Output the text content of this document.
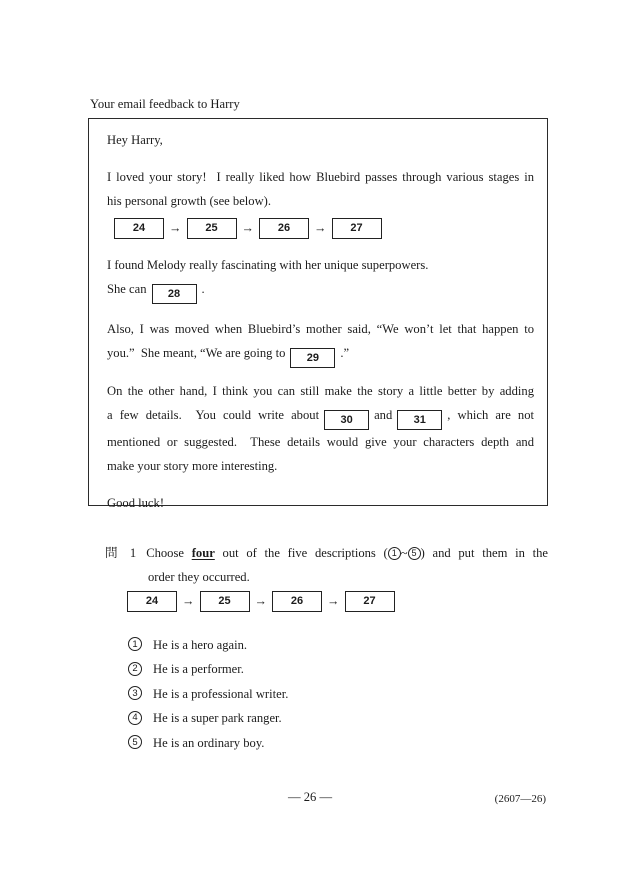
Your email feedback to Harry
Hey Harry,
I loved your story!  I really liked how Bluebird passes through various stages in
his personal growth (see below).
24	→	25	→	26	→	27
I found Melody really fascinating with her unique superpowers.
She can 28 .
Also, I was moved when Bluebird’s mother said, “We won’t let that happen to
you.”  She meant, “We are going to 29 .”
On the other hand, I think you can still make the story a little better by adding
a few details.  You could write about 30 and 31 , which are not
mentioned or suggested.  These details would give your characters depth and
make your story more interesting.
Good luck!
問 1 Choose four out of the five descriptions ( 1 ~ 5 ) and put them in the
order they occurred.
24	→	25	→	26	→	27
1	He is a hero again.
2	He is a performer.
3	He is a professional writer.
4	He is a super park ranger.
5	He is an ordinary boy.
— 26 —	(2607—26)
